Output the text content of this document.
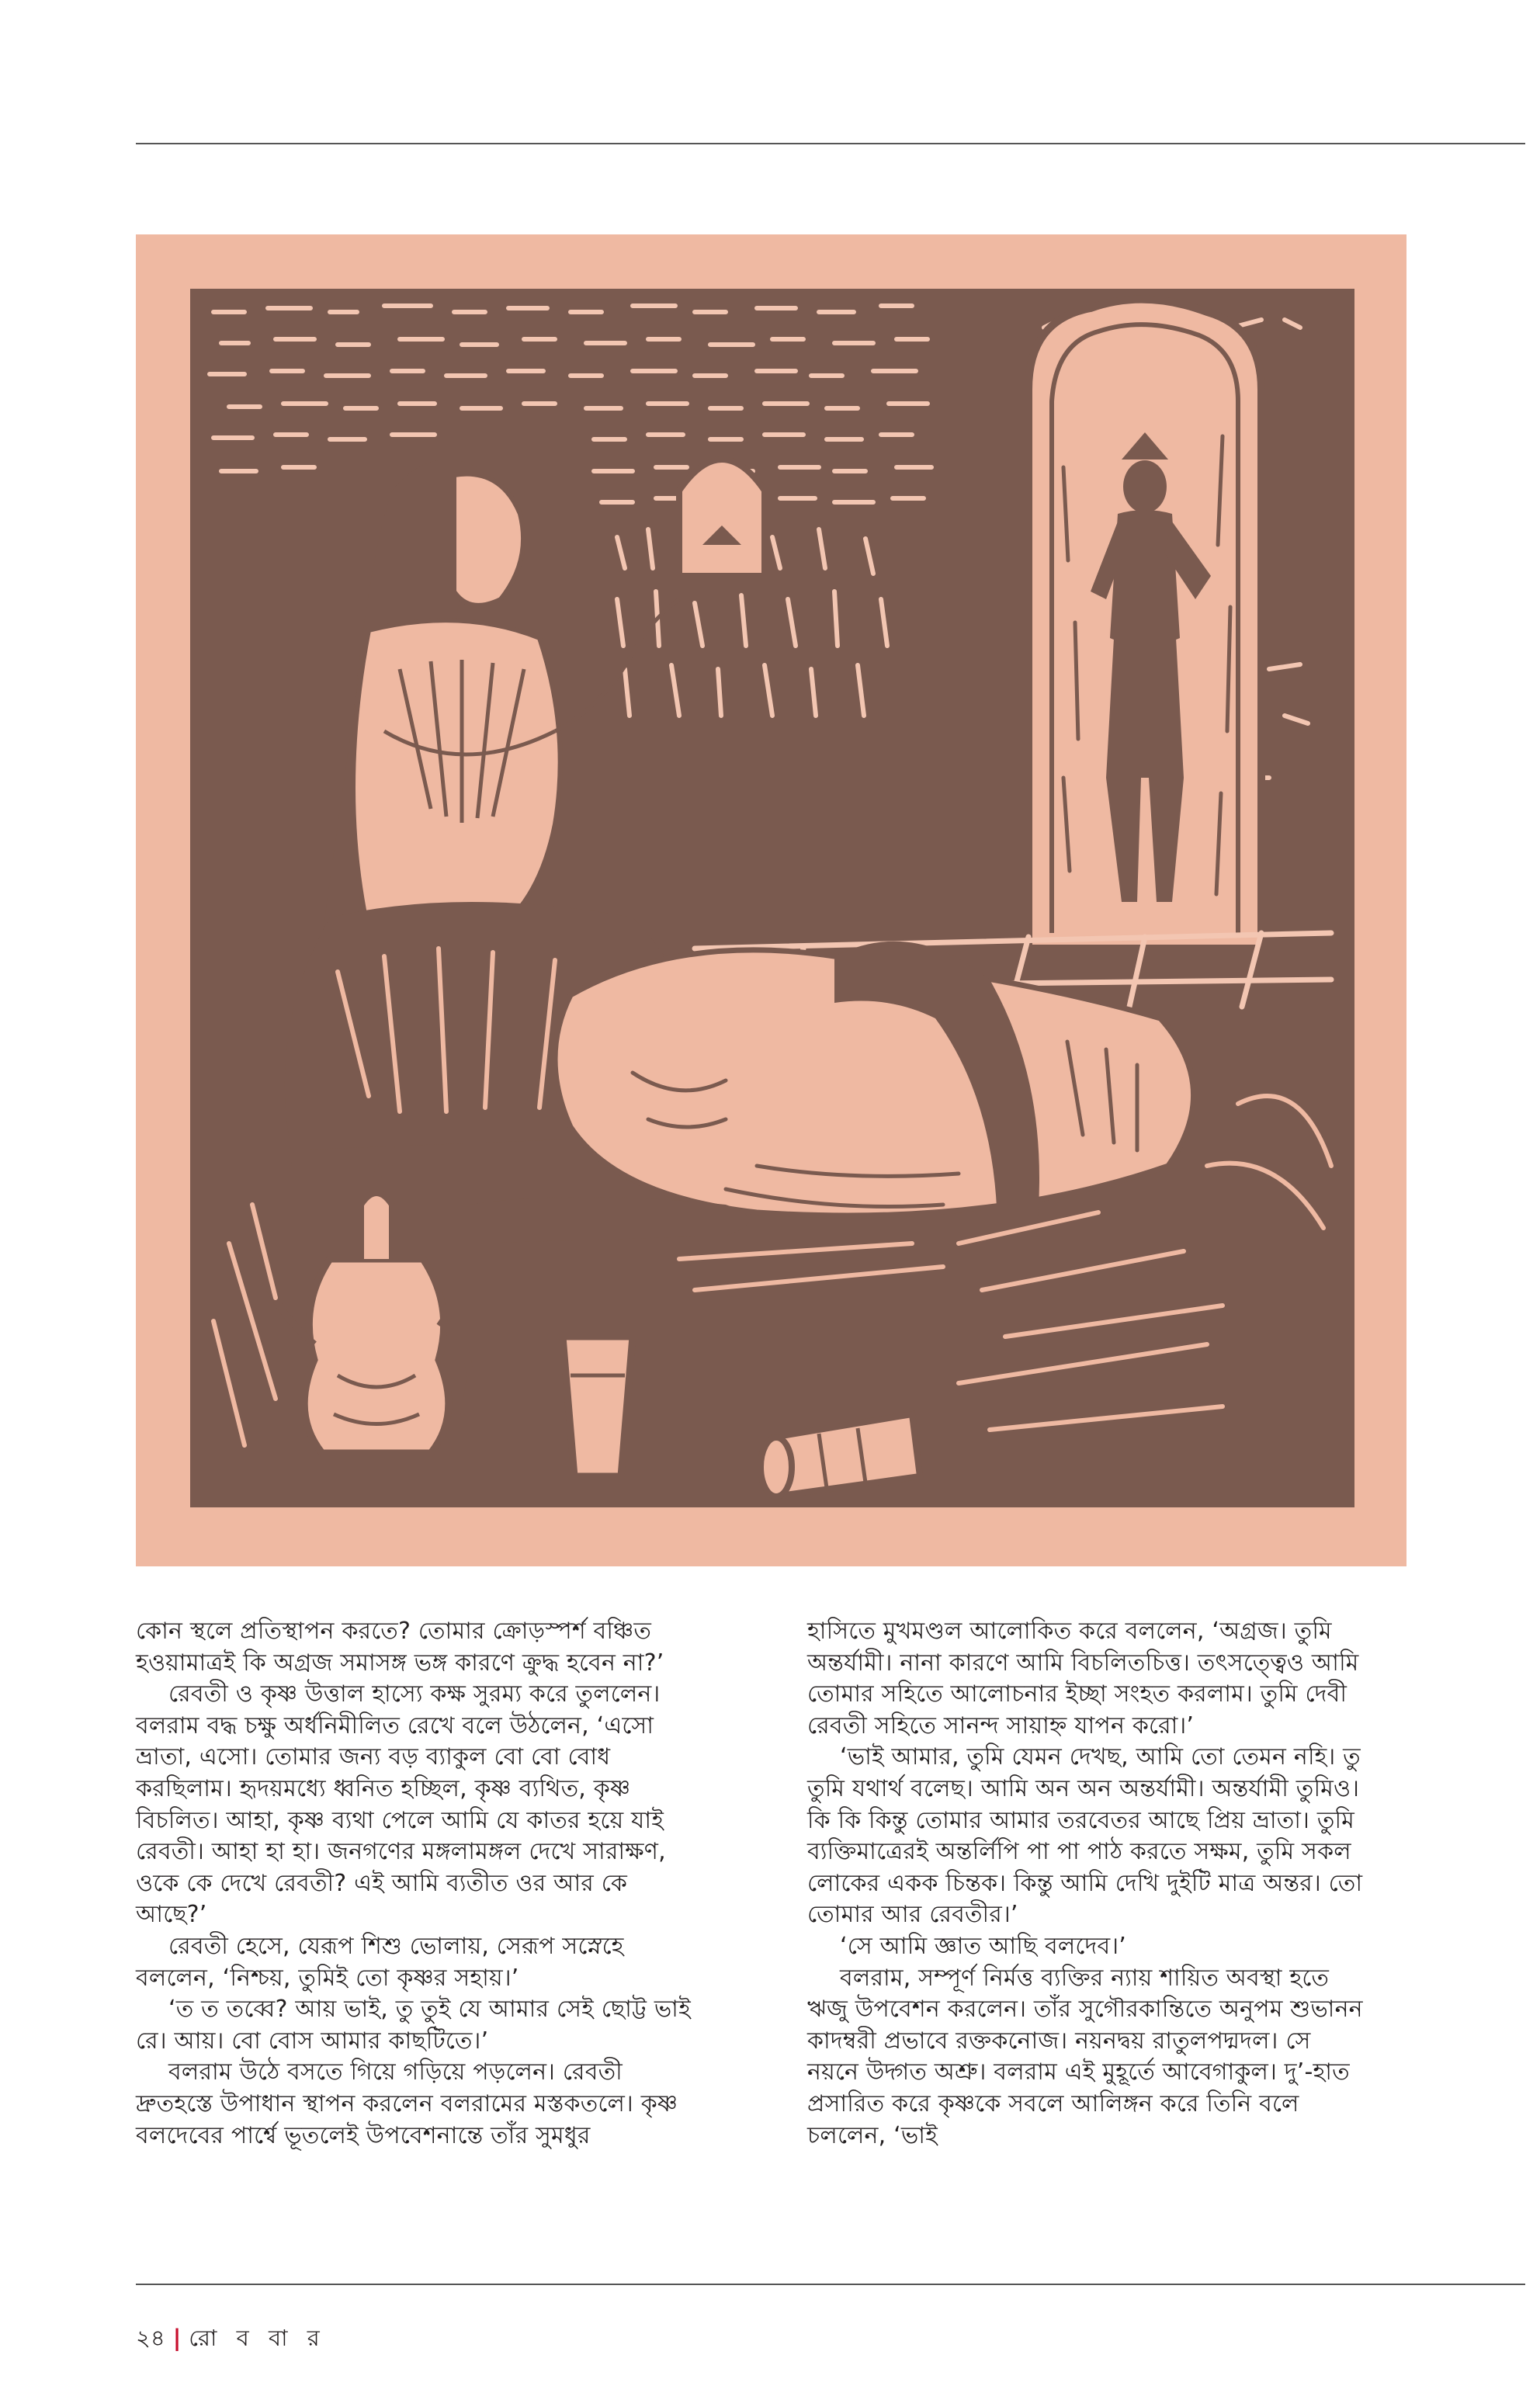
কোন স্থলে প্রতিস্থাপন করতে? তোমার ক্রোড়স্পর্শ বঞ্চিত হওয়ামাত্রই কি অগ্রজ সমাসঙ্গ ভঙ্গ কারণে ক্রুদ্ধ হবেন না?’

রেবতী ও কৃষ্ণ উত্তাল হাস্যে কক্ষ সুরম্য করে তুললেন। বলরাম বদ্ধ চক্ষু অর্ধনিমীলিত রেখে বলে উঠলেন, ‘এসো ভ্রাতা, এসো। তোমার জন্য বড় ব্যাকুল বো বো বোধ করছিলাম। হৃদয়মধ্যে ধ্বনিত হচ্ছিল, কৃষ্ণ ব্যথিত, কৃষ্ণ বিচলিত। আহা, কৃষ্ণ ব্যথা পেলে আমি যে কাতর হয়ে যাই রেবতী। আহা হা হা। জনগণের মঙ্গলামঙ্গল দেখে সারাক্ষণ, ওকে কে দেখে রেবতী? এই আমি ব্যতীত ওর আর কে আছে?’

রেবতী হেসে, যেরূপ শিশু ভোলায়, সেরূপ সস্নেহে বললেন, ‘নিশ্চয়, তুমিই তো কৃষ্ণর সহায়।’

‘ত ত তব্বে? আয় ভাই, তু তুই যে আমার সেই ছোট্ট ভাই রে। আয়। বো বোস আমার কাছটিতে।’

বলরাম উঠে বসতে গিয়ে গড়িয়ে পড়লেন। রেবতী দ্রুতহস্তে উপাধান স্থাপন করলেন বলরামের মস্তকতলে। কৃষ্ণ বলদেবের পার্শ্বে ভূতলেই উপবেশনান্তে তাঁর সুমধুর

হাসিতে মুখমণ্ডল আলোকিত করে বললেন, ‘অগ্রজ। তুমি অন্তর্যামী। নানা কারণে আমি বিচলিতচিত্ত। তৎসত্ত্বেও আমি তোমার সহিতে আলোচনার ইচ্ছা সংহত করলাম। তুমি দেবী রেবতী সহিতে সানন্দ সায়াহ্ন যাপন করো।’

‘ভাই আমার, তুমি যেমন দেখছ, আমি তো তেমন নহি। তু তুমি যথার্থ বলেছ। আমি অন অন অন্তর্যামী। অন্তর্যামী তুমিও। কি কি কিন্তু তোমার আমার তরবেতর আছে প্রিয় ভ্রাতা। তুমি ব্যক্তিমাত্রেরই অন্তর্লিপি পা পা পাঠ করতে সক্ষম, তুমি সকল লোকের একক চিন্তক। কিন্তু আমি দেখি দুইটি মাত্র অন্তর। তো তোমার আর রেবতীর।’

‘সে আমি জ্ঞাত আছি বলদেব।’

বলরাম, সম্পূর্ণ নির্মত্ত ব্যক্তির ন্যায় শায়িত অবস্থা হতে ঋজু উপবেশন করলেন। তাঁর সুগৌরকান্তিতে অনুপম শুভানন কাদম্বরী প্রভাবে রক্তকনোজ। নয়নদ্বয় রাতুলপদ্মদল। সে নয়নে উদ্গত অশ্রু। বলরাম এই মুহূর্তে আবেগাকুল। দু’-হাত প্রসারিত করে কৃষ্ণকে সবলে আলিঙ্গন করে তিনি বলে চললেন, ‘ভাই

২৪ | রো ব বা র
